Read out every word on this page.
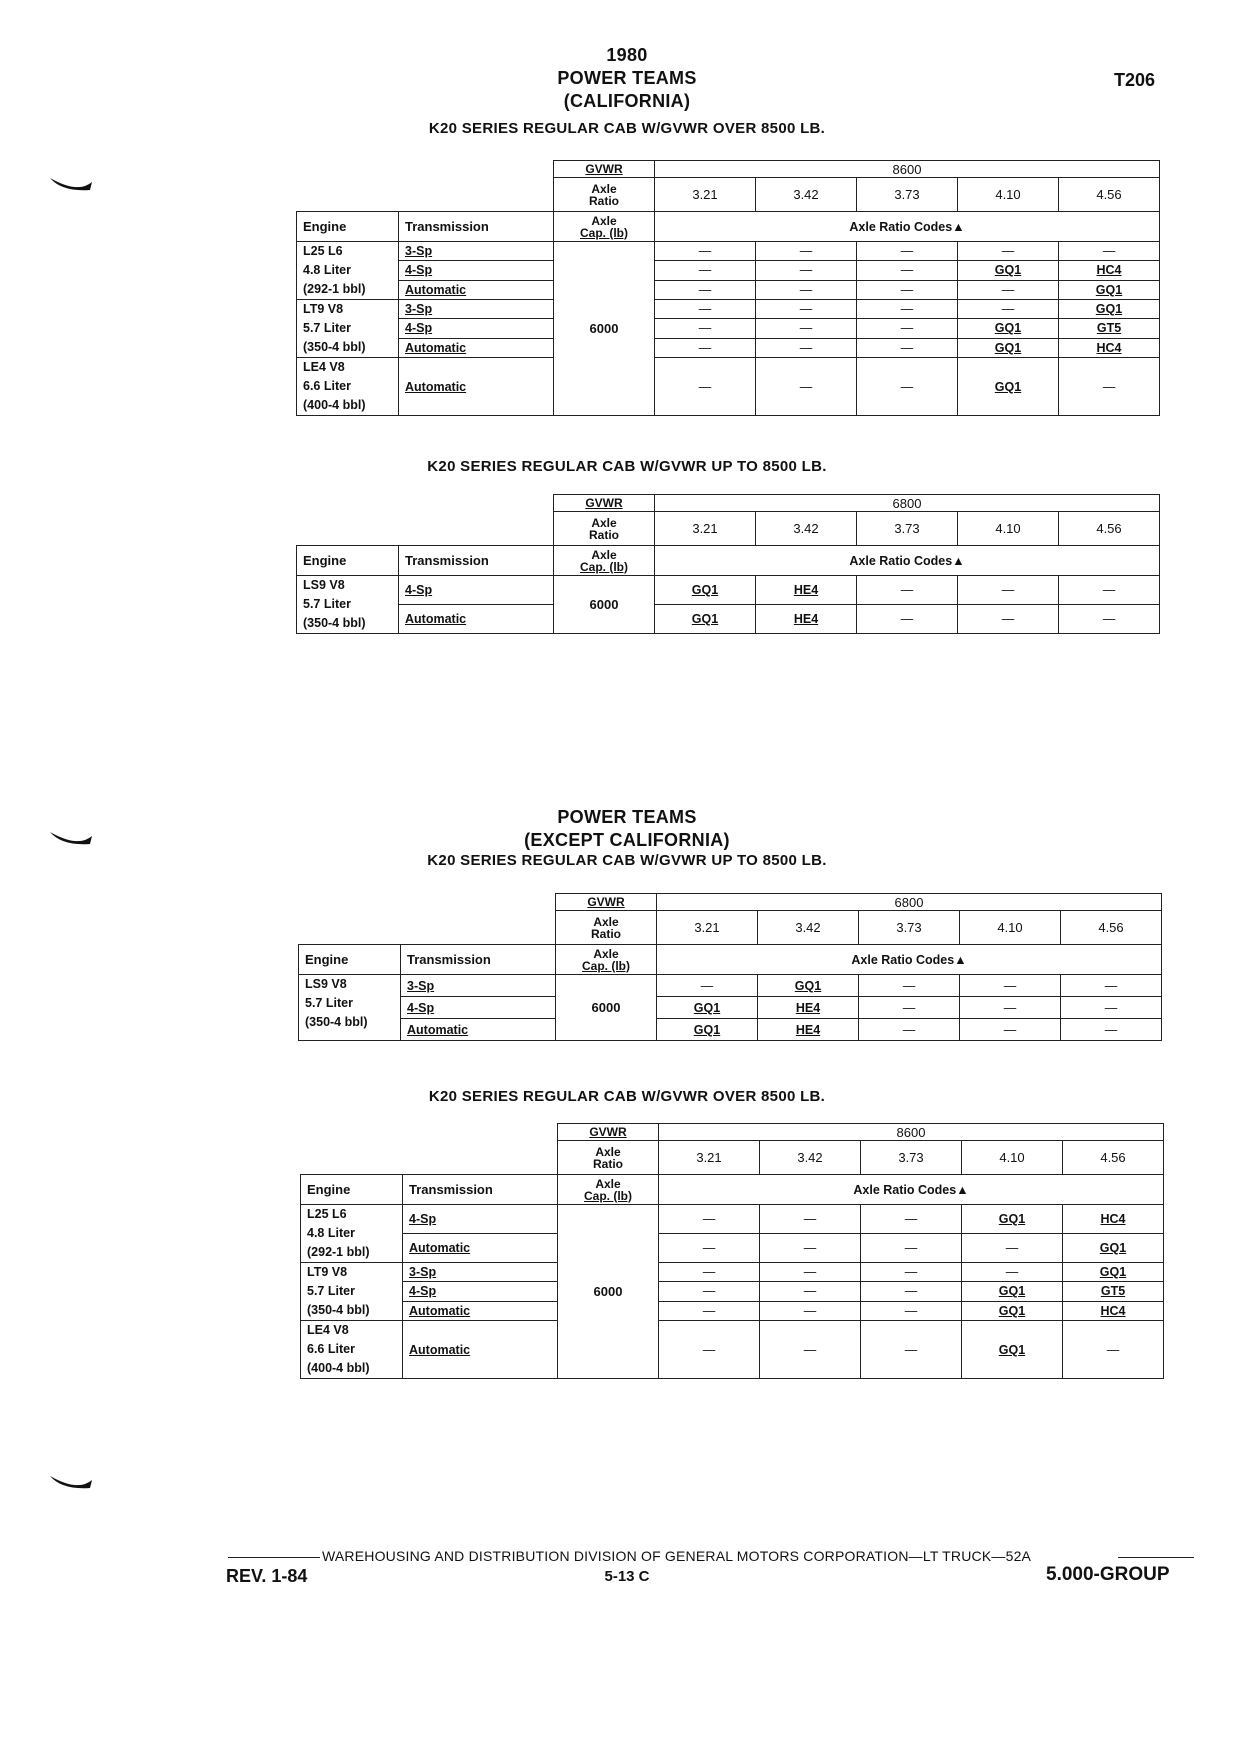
1980
POWER TEAMS
(CALIFORNIA)
T206
K20 SERIES REGULAR CAB W/GVWR OVER 8500 LB.
K20 SERIES REGULAR CAB W/GVWR UP TO 8500 LB.
POWER TEAMS
(EXCEPT CALIFORNIA)
K20 SERIES REGULAR CAB W/GVWR UP TO 8500 LB.
K20 SERIES REGULAR CAB W/GVWR OVER 8500 LB.
		GVWR	8600				

		Axle
Ratio	3.21	3.42	3.73	4.10	4.56
Engine	Transmission	Axle
Cap. (lb)	Axle Ratio Codes▲				

L25 L6
4.8 Liter
(292-1 bbl)	3-Sp	6000	—	—	—	—	—
	4-Sp		—	—	—	GQ1	HC4
	Automatic		—	—	—	—	GQ1

LT9 V8
5.7 Liter
(350-4 bbl)	3-Sp		—	—	—	—	GQ1
	4-Sp		—	—	—	GQ1	GT5
	Automatic		—	—	—	GQ1	HC4

LE4 V8
6.6 Liter
(400-4 bbl)	Automatic		—	—	—	GQ1	—
		GVWR	6800				

		Axle
Ratio	3.21	3.42	3.73	4.10	4.56
Engine	Transmission	Axle
Cap. (lb)	Axle Ratio Codes▲				

LS9 V8
5.7 Liter
(350-4 bbl)	4-Sp	6000	GQ1	HE4	—	—	—
	Automatic		GQ1	HE4	—	—	—
		GVWR	6800				

		Axle
Ratio	3.21	3.42	3.73	4.10	4.56
Engine	Transmission	Axle
Cap. (lb)	Axle Ratio Codes▲				

LS9 V8
5.7 Liter
(350-4 bbl)	3-Sp	6000	—	GQ1	—	—	—
	4-Sp		GQ1	HE4	—	—	—
	Automatic		GQ1	HE4	—	—	—
		GVWR	8600				

		Axle
Ratio	3.21	3.42	3.73	4.10	4.56
Engine	Transmission	Axle
Cap. (lb)	Axle Ratio Codes▲				

L25 L6
4.8 Liter
(292-1 bbl)	4-Sp	6000	—	—	—	GQ1	HC4
	Automatic		—	—	—	—	GQ1

LT9 V8
5.7 Liter
(350-4 bbl)	3-Sp		—	—	—	—	GQ1
	4-Sp		—	—	—	GQ1	GT5
	Automatic		—	—	—	GQ1	HC4

LE4 V8
6.6 Liter
(400-4 bbl)	Automatic		—	—	—	GQ1	—
WAREHOUSING AND DISTRIBUTION DIVISION OF GENERAL MOTORS CORPORATION—LT TRUCK—52A
REV. 1-84	5-13 C	5.000-GROUP
